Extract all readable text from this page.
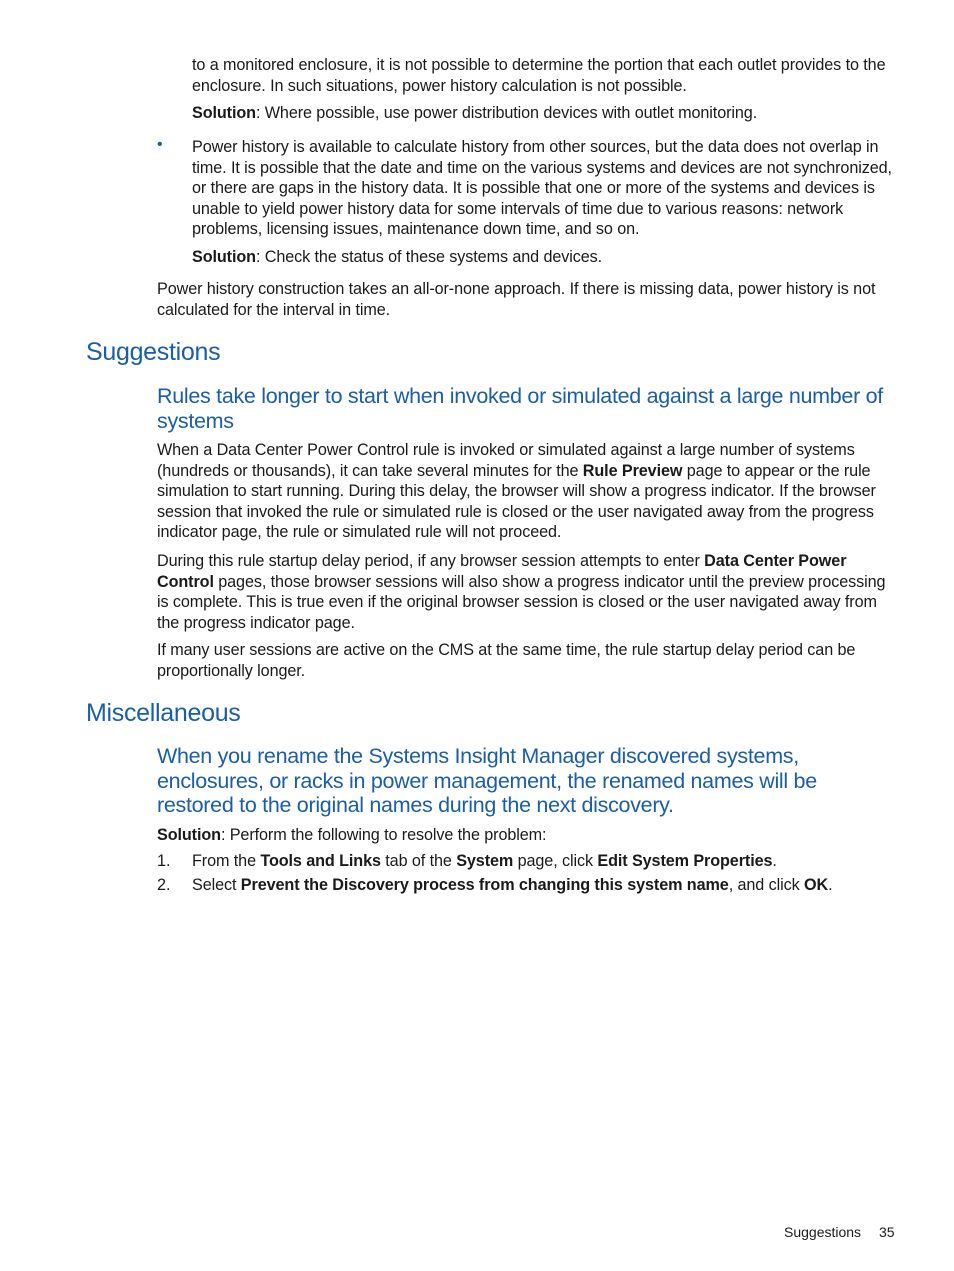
to a monitored enclosure, it is not possible to determine the portion that each outlet provides to the enclosure. In such situations, power history calculation is not possible.
Solution: Where possible, use power distribution devices with outlet monitoring.
• Power history is available to calculate history from other sources, but the data does not overlap in time. It is possible that the date and time on the various systems and devices are not synchronized, or there are gaps in the history data. It is possible that one or more of the systems and devices is unable to yield power history data for some intervals of time due to various reasons: network problems, licensing issues, maintenance down time, and so on.
Solution: Check the status of these systems and devices.
Power history construction takes an all-or-none approach. If there is missing data, power history is not calculated for the interval in time.
Suggestions
Rules take longer to start when invoked or simulated against a large number of systems
When a Data Center Power Control rule is invoked or simulated against a large number of systems (hundreds or thousands), it can take several minutes for the Rule Preview page to appear or the rule simulation to start running. During this delay, the browser will show a progress indicator. If the browser session that invoked the rule or simulated rule is closed or the user navigated away from the progress indicator page, the rule or simulated rule will not proceed.
During this rule startup delay period, if any browser session attempts to enter Data Center Power Control pages, those browser sessions will also show a progress indicator until the preview processing is complete. This is true even if the original browser session is closed or the user navigated away from the progress indicator page.
If many user sessions are active on the CMS at the same time, the rule startup delay period can be proportionally longer.
Miscellaneous
When you rename the Systems Insight Manager discovered systems, enclosures, or racks in power management, the renamed names will be restored to the original names during the next discovery.
Solution: Perform the following to resolve the problem:
1. From the Tools and Links tab of the System page, click Edit System Properties.
2. Select Prevent the Discovery process from changing this system name, and click OK.
Suggestions 35
